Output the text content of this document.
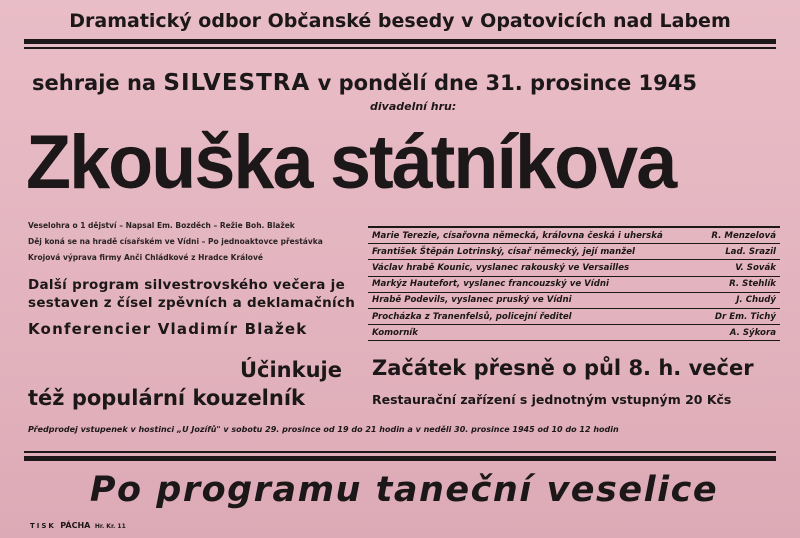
Dramatický odbor Občanské besedy v Opatovicích nad Labem
sehraje na SILVESTRA v pondělí dne 31. prosince 1945
divadelní hru:
Zkouška státníkova
Veselohra o 1 dějství – Napsal Em. Bozděch – Režie Boh. Blažek
Děj koná se na hradě císařském ve Vídni – Po jednoaktovce přestávka
Krojová výprava firmy Anči Chládkové z Hradce Králové
Další program silvestrovského večera je
sestaven z čísel zpěvních a deklamačních
Konferencier Vladimír Blažek
Účinkuje
též populární kouzelník
Marie Terezie, císařovna německá, královna česká i uherská	R. Menzelová
František Štěpán Lotrinský, císař německý, její manžel	Lad. Srazil
Václav hrabě Kounic, vyslanec rakouský ve Versailles	V. Sovák
Markýz Hautefort, vyslanec francouzský ve Vídni	R. Stehlík
Hrabě Podevils, vyslanec pruský ve Vídni	J. Chudý
Procházka z Tranenfelsů, policejní ředitel	Dr Em. Tichý
Komorník	A. Sýkora
Začátek přesně o půl 8. h. večer
Restaurační zařízení s jednotným vstupným 20 Kčs
Předprodej vstupenek v hostinci „U Jozífů" v sobotu 29. prosince od 19 do 21 hodin a v neděli 30. prosince 1945 od 10 do 12 hodin
Po programu taneční veselice
TISK PÁCHA Hr. Kr. 11
